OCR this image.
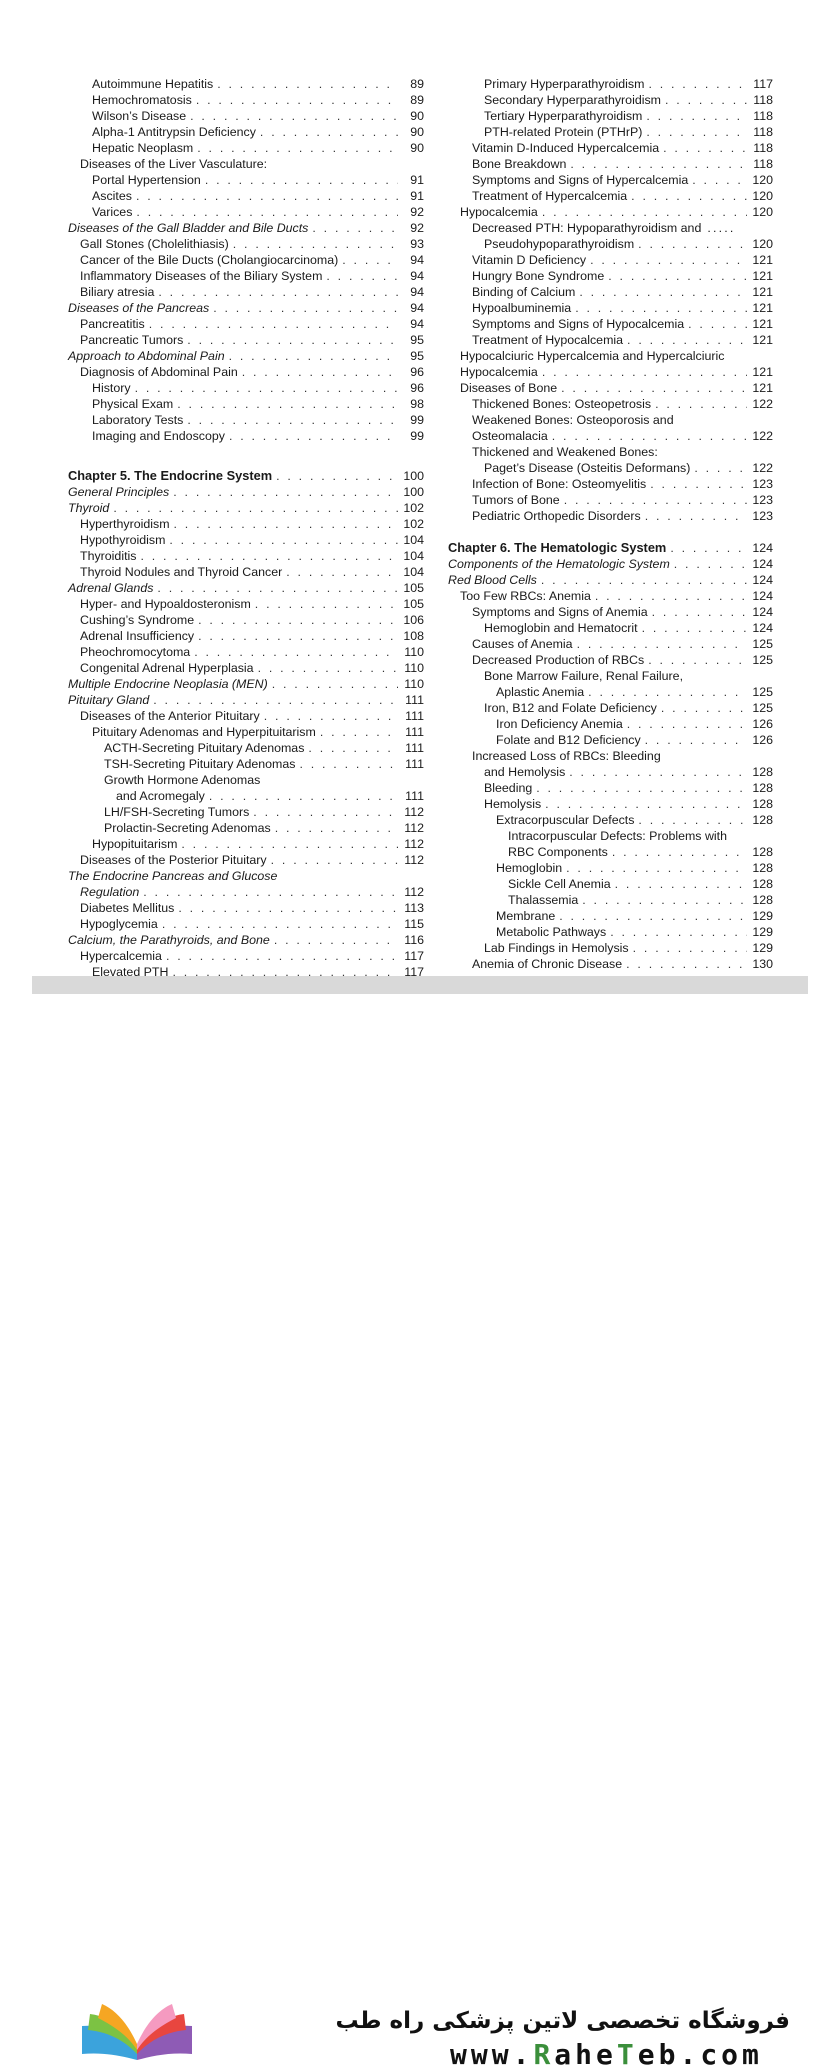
Autoimmune Hepatitis . . .	89
Hemochromatosis . . .	89
Wilson’s Disease . . .	90
Alpha-1 Antitrypsin Deficiency . . .	90
Hepatic Neoplasm . . .	90
Diseases of the Liver Vasculature:
Portal Hypertension . . .	91
Ascites . . .	91
Varices . . .	92
Diseases of the Gall Bladder and Bile Ducts . . .	92
Gall Stones (Cholelithiasis) . . .	93
Cancer of the Bile Ducts (Cholangiocarcinoma) . . .	94
Inflammatory Diseases of the Biliary System . . .	94
Biliary atresia . . .	94
Diseases of the Pancreas . . .	94
Pancreatitis . . .	94
Pancreatic Tumors . . .	95
Approach to Abdominal Pain . . .	95
Diagnosis of Abdominal Pain . . .	96
History . . .	96
Physical Exam . . .	98
Laboratory Tests . . .	99
Imaging and Endoscopy . . .	99
Chapter 5. The Endocrine System . . .	100
General Principles . . .	100
Thyroid . . .	102
Hyperthyroidism . . .	102
Hypothyroidism . . .	104
Thyroiditis . . .	104
Thyroid Nodules and Thyroid Cancer . . .	104
Adrenal Glands . . .	105
Hyper- and Hypoaldosteronism . . .	105
Cushing’s Syndrome . . .	106
Adrenal Insufficiency . . .	108
Pheochromocytoma . . .	110
Congenital Adrenal Hyperplasia . . .	110
Multiple Endocrine Neoplasia (MEN) . . .	110
Pituitary Gland . . .	111
Diseases of the Anterior Pituitary . . .	111
Pituitary Adenomas and Hyperpituitarism . . .	111
ACTH-Secreting Pituitary Adenomas . . .	111
TSH-Secreting Pituitary Adenomas . . .	111
Growth Hormone Adenomas
and Acromegaly . . .	111
LH/FSH-Secreting Tumors . . .	112
Prolactin-Secreting Adenomas . . .	112
Hypopituitarism . . .	112
Diseases of the Posterior Pituitary . . .	112
The Endocrine Pancreas and Glucose
Regulation . . .	112
Diabetes Mellitus . . .	113
Hypoglycemia . . .	115
Calcium, the Parathyroids, and Bone . . .	116
Hypercalcemia . . .	117
Elevated PTH . . .	117
Primary Hyperparathyroidism . . .	117
Secondary Hyperparathyroidism . . .	118
Tertiary Hyperparathyroidism . . .	118
PTH-related Protein (PTHrP) . . .	118
Vitamin D-Induced Hypercalcemia . . .	118
Bone Breakdown . . .	118
Symptoms and Signs of Hypercalcemia . . .	120
Treatment of Hypercalcemia . . .	120
Hypocalcemia . . .	120
Decreased PTH: Hypoparathyroidism and .....
Pseudohypoparathyroidism . . .	120
Vitamin D Deficiency . . .	121
Hungry Bone Syndrome . . .	121
Binding of Calcium . . .	121
Hypoalbuminemia . . .	121
Symptoms and Signs of Hypocalcemia . . .	121
Treatment of Hypocalcemia . . .	121
Hypocalciuric Hypercalcemia and Hypercalciuric
Hypocalcemia . . .	121
Diseases of Bone . . .	121
Thickened Bones: Osteopetrosis . . .	122
Weakened Bones: Osteoporosis and
Osteomalacia . . .	122
Thickened and Weakened Bones:
Paget’s Disease (Osteitis Deformans) . . .	122
Infection of Bone: Osteomyelitis . . .	123
Tumors of Bone . . .	123
Pediatric Orthopedic Disorders . . .	123
Chapter 6. The Hematologic System . . .	124
Components of the Hematologic System . . .	124
Red Blood Cells . . .	124
Too Few RBCs: Anemia . . .	124
Symptoms and Signs of Anemia . . .	124
Hemoglobin and Hematocrit . . .	124
Causes of Anemia . . .	125
Decreased Production of RBCs . . .	125
Bone Marrow Failure, Renal Failure,
Aplastic Anemia . . .	125
Iron, B12 and Folate Deficiency . . .	125
Iron Deficiency Anemia . . .	126
Folate and B12 Deficiency . . .	126
Increased Loss of RBCs: Bleeding
and Hemolysis . . .	128
Bleeding . . .	128
Hemolysis . . .	128
Extracorpuscular Defects . . .	128
Intracorpuscular Defects: Problems with
RBC Components . . .	128
Hemoglobin . . .	128
Sickle Cell Anemia . . .	128
Thalassemia . . .	128
Membrane . . .	129
Metabolic Pathways . . .	129
Lab Findings in Hemolysis . . .	129
Anemia of Chronic Disease . . .	130
فروشگاه تخصصی لاتین پزشکی راه طب
www.RaheTeb.com
